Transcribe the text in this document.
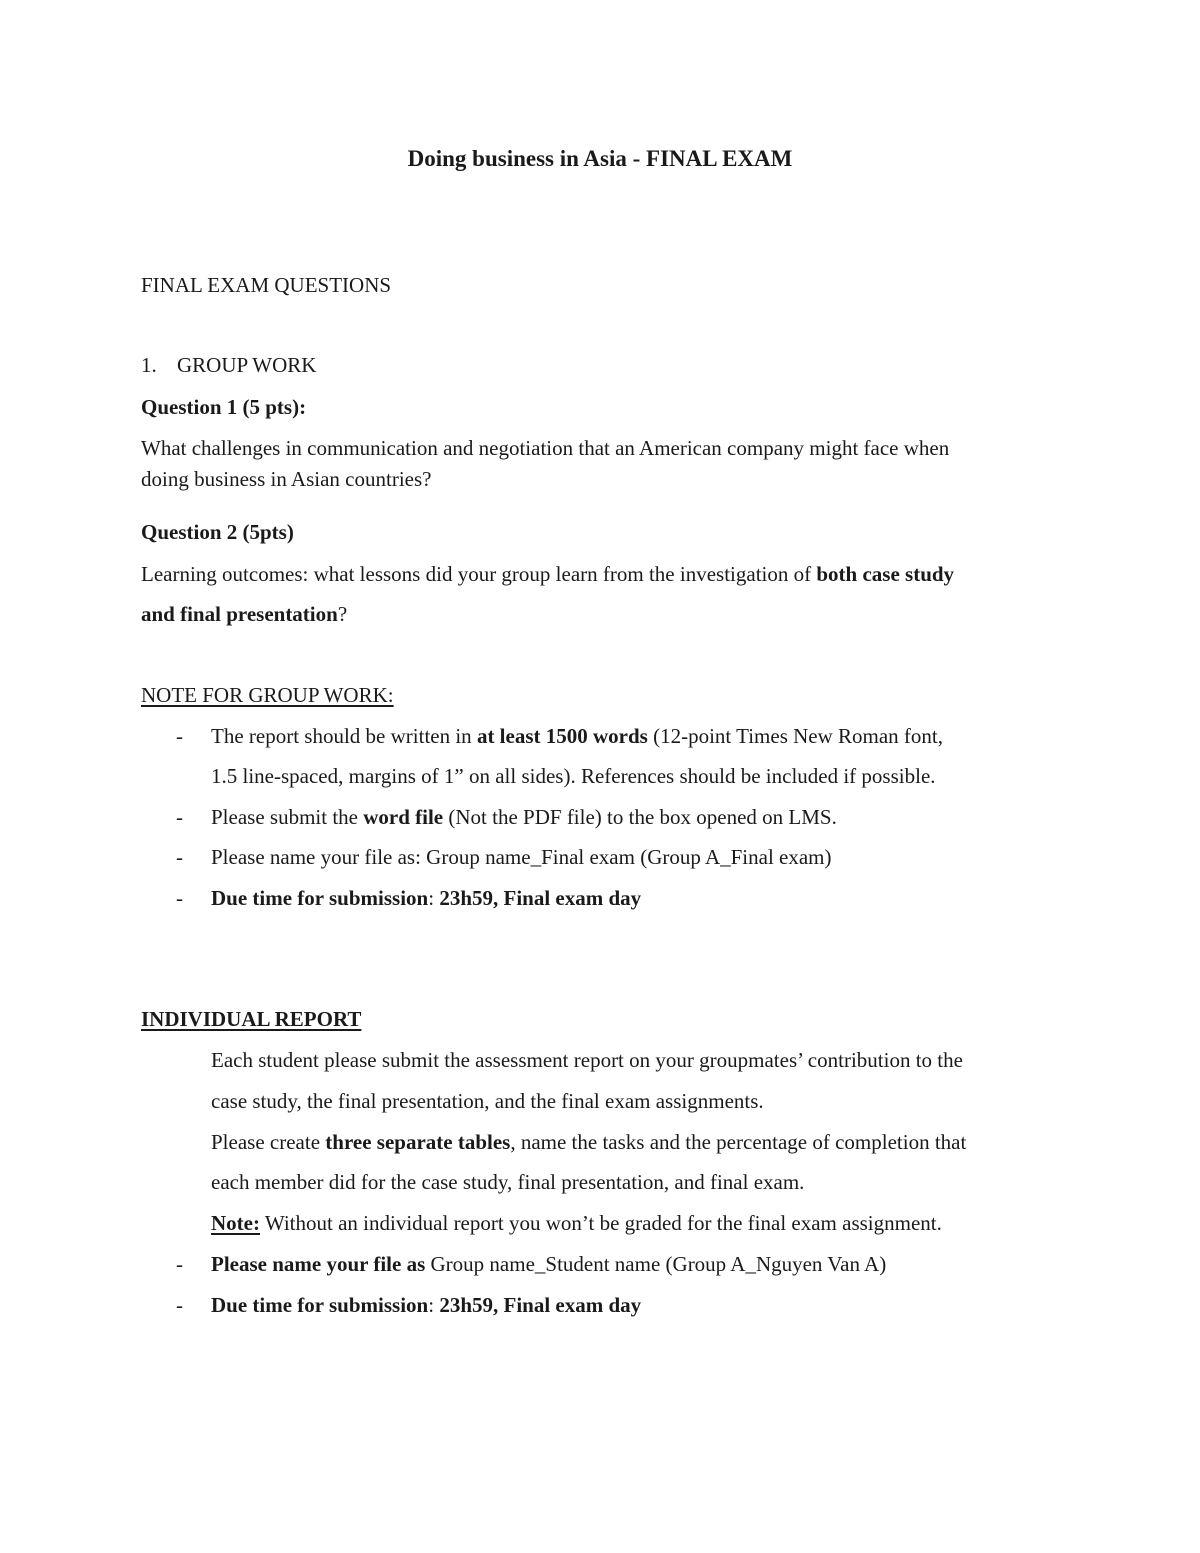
Doing business in Asia - FINAL EXAM
FINAL EXAM QUESTIONS
1. GROUP WORK
Question 1 (5 pts):
What challenges in communication and negotiation that an American company might face when
doing business in Asian countries?
Question 2 (5pts)
Learning outcomes: what lessons did your group learn from the investigation of both case study
and final presentation?
NOTE FOR GROUP WORK:
- The report should be written in at least 1500 words (12-point Times New Roman font,
1.5 line-spaced, margins of 1” on all sides). References should be included if possible.
- Please submit the word file (Not the PDF file) to the box opened on LMS.
- Please name your file as: Group name_Final exam (Group A_Final exam)
- Due time for submission: 23h59, Final exam day
INDIVIDUAL REPORT
Each student please submit the assessment report on your groupmates’ contribution to the
case study, the final presentation, and the final exam assignments.
Please create three separate tables, name the tasks and the percentage of completion that
each member did for the case study, final presentation, and final exam.
Note: Without an individual report you won’t be graded for the final exam assignment.
- Please name your file as Group name_Student name (Group A_Nguyen Van A)
- Due time for submission: 23h59, Final exam day
